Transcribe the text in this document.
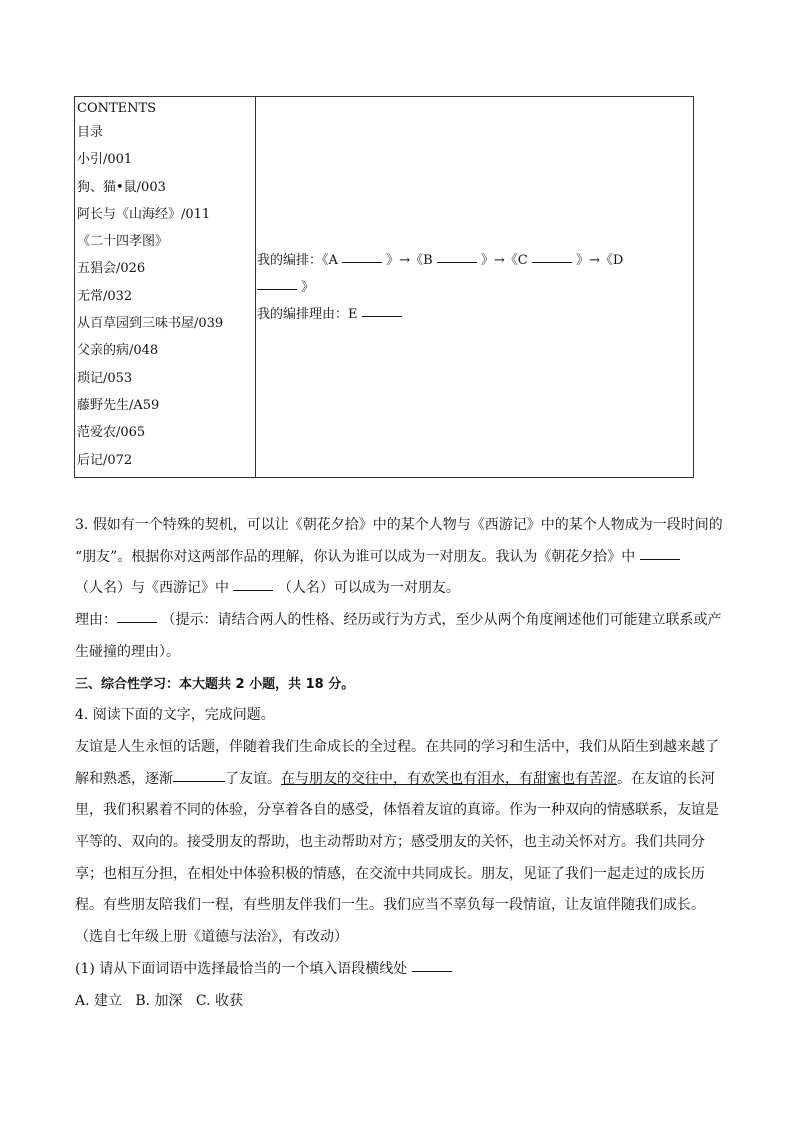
CONTENTS
目录
小引/001
狗、猫•鼠/003
阿长与《山海经》/011
《二十四孝图》
五猖会/026
无常/032
从百草园到三味书屋/039
父亲的病/048
琐记/053
藤野先生/A59
范爱农/065
后记/072
我的编排：《A	》→《B	》→《C	》→《D
》
我的编排理由：E

3. 假如有一个特殊的契机，可以让《朝花夕拾》中的某个人物与《西游记》中的某个人物成为一段时间的

“朋友”。根据你对这两部作品的理解，你认为谁可以成为一对朋友。我认为《朝花夕拾》中

（人名）与《西游记》中	（人名）可以成为一对朋友。

理由：	（提示：请结合两人的性格、经历或行为方式，至少从两个角度阐述他们可能建立联系或产

生碰撞的理由）。

三、综合性学习：本大题共 2 小题，共 18 分。

4. 阅读下面的文字，完成问题。

友谊是人生永恒的话题，伴随着我们生命成长的全过程。在共同的学习和生活中，我们从陌生到越来越了

解和熟悉，逐渐	了友谊。在与朋友的交往中，有欢笑也有泪水，有甜蜜也有苦涩。在友谊的长河

里，我们积累着不同的体验，分享着各自的感受，体悟着友谊的真谛。作为一种双向的情感联系，友谊是

平等的、双向的。接受朋友的帮助，也主动帮助对方；感受朋友的关怀，也主动关怀对方。我们共同分

享；也相互分担，在相处中体验积极的情感，在交流中共同成长。朋友，见证了我们一起走过的成长历

程。有些朋友陪我们一程，有些朋友伴我们一生。我们应当不辜负每一段情谊，让友谊伴随我们成长。

（选自七年级上册《道德与法治》，有改动）

(1) 请从下面词语中选择最恰当的一个填入语段横线处

A. 建立   B. 加深   C. 收获
